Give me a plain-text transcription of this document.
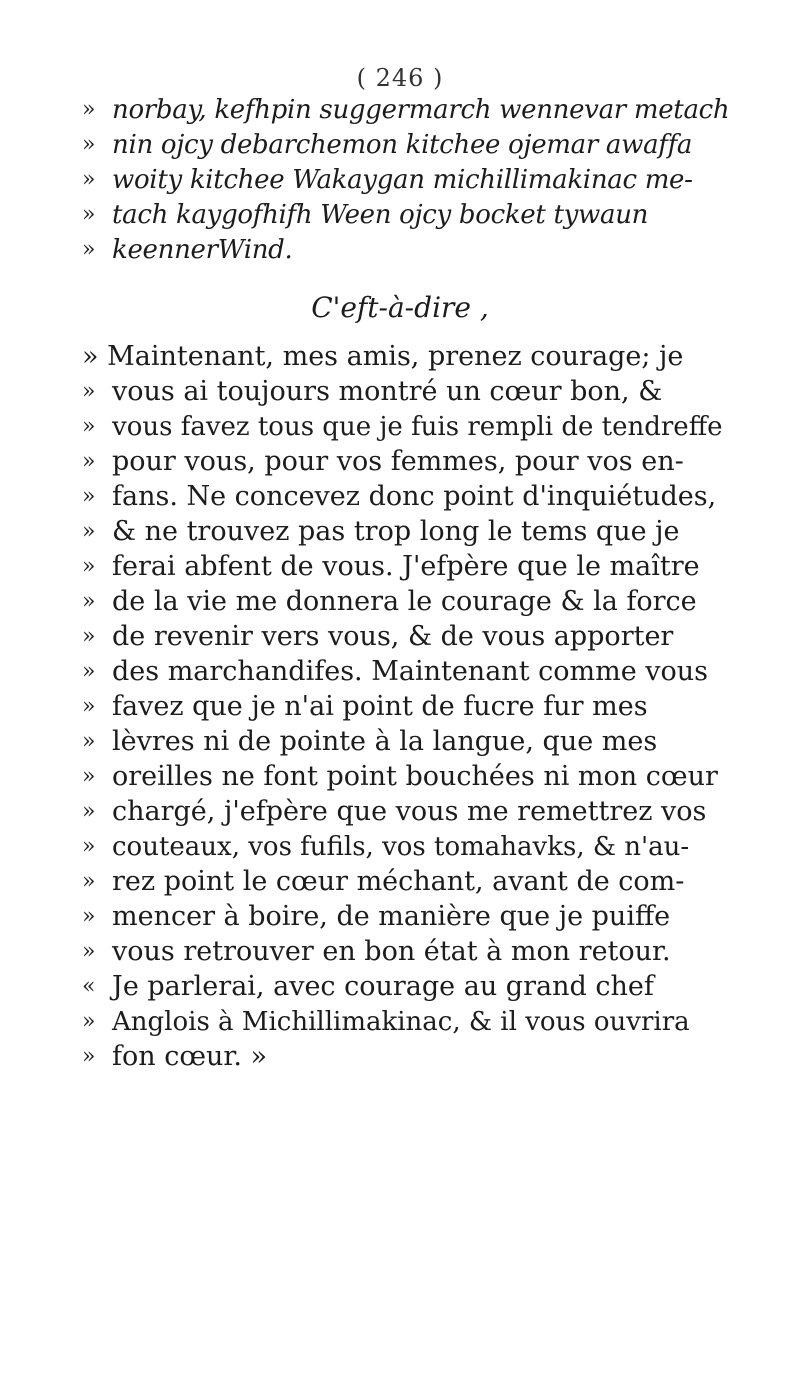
( 246 )
» norbay, kefhpin suggermarch wennevar metach
» nin ojcy debarchemon kitchee ojemar awaffa
» woity kitchee Wakaygan michillimakinac me-
» tach kaygofhifh Ween ojcy bocket tywaun
» keennerWind.
C'eft-à-dire ,
» Maintenant, mes amis, prenez courage; je
» vous ai toujours montré un cœur bon, &
» vous favez tous que je fuis rempli de tendreffe
» pour vous, pour vos femmes, pour vos en-
» fans. Ne concevez donc point d'inquiétudes,
» & ne trouvez pas trop long le tems que je
» ferai abfent de vous. J'efpère que le maître
» de la vie me donnera le courage & la force
» de revenir vers vous, & de vous apporter
» des marchandifes. Maintenant comme vous
» favez que je n'ai point de fucre fur mes
» lèvres ni de pointe à la langue, que mes
» oreilles ne font point bouchées ni mon cœur
» chargé, j'efpère que vous me remettrez vos
» couteaux, vos fufils, vos tomahavks, & n'au-
» rez point le cœur méchant, avant de com-
» mencer à boire, de manière que je puiffe
» vous retrouver en bon état à mon retour.
« Je parlerai, avec courage au grand chef
» Anglois à Michillimakinac, & il vous ouvrira
» fon cœur. »
